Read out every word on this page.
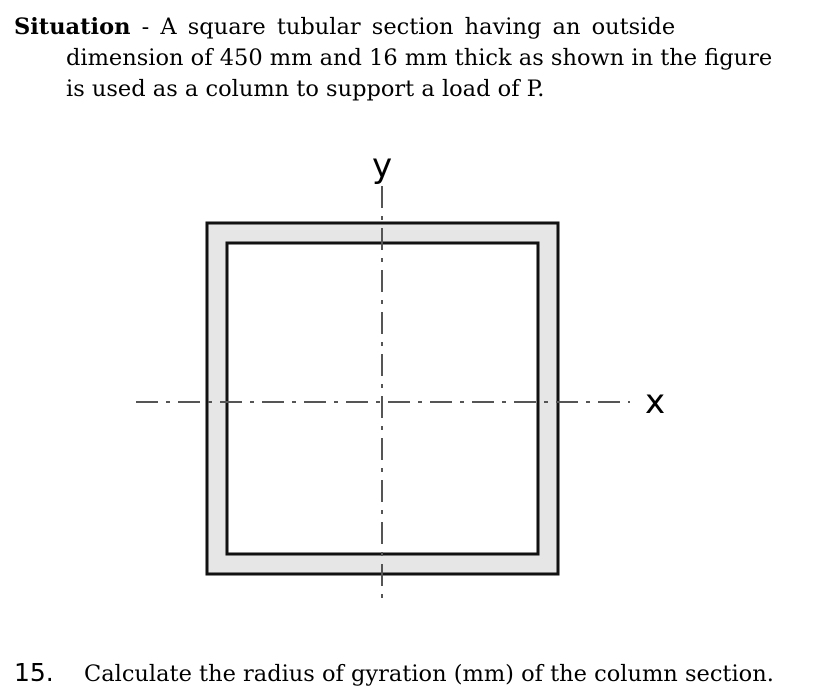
Situation - A square tubular section having an outside
dimension of 450 mm and 16 mm thick as shown in the figure
is used as a column to support a load of P.
y
x
15. Calculate the radius of gyration (mm) of the column section.
